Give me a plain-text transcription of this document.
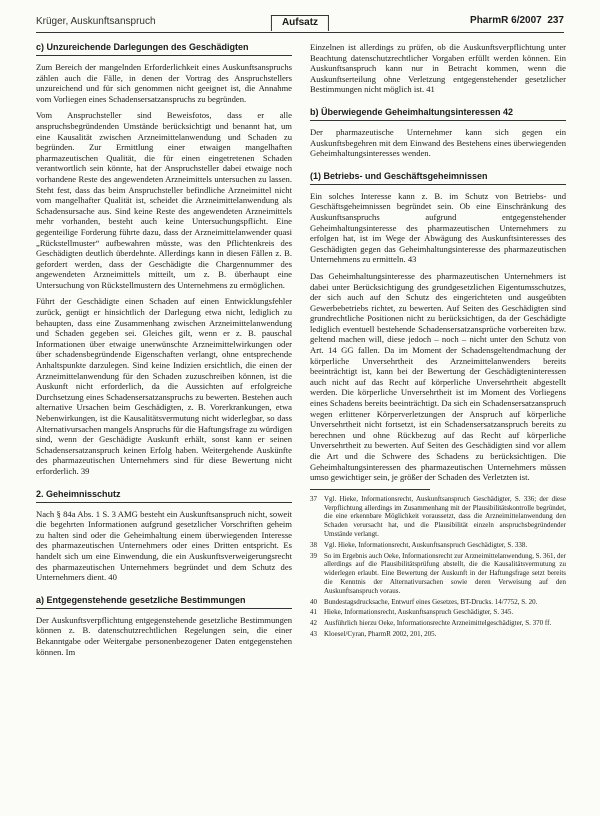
Krüger, Auskunftsanspruch	Aufsatz	PharmR 6/2007 237
c) Unzureichende Darlegungen des Geschädigten

Zum Bereich der mangelnden Erforderlichkeit eines Auskunftsanspruchs zählen auch die Fälle, in denen der Vortrag des Anspruchstellers unzureichend und für sich genommen nicht geeignet ist, die Annahme vom Vorliegen eines Schadensersatzanspruchs zu begründen.

Vom Anspruchsteller sind Beweisfotos, dass er alle anspruchsbegründenden Umstände berücksichtigt und benannt hat, um eine Kausalität zwischen Arzneimittelanwendung und Schaden zu begründen. Zur Ermittlung einer etwaigen mangelhaften pharmazeutischen Qualität, die für einen eingetretenen Schaden verantwortlich sein könnte, hat der Anspruchsteller dabei etwaige noch vorhandene Reste des angewendeten Arzneimittels untersuchen zu lassen. Steht fest, dass das beim Anspruchsteller befindliche Arzneimittel nicht vom mangelhafter Qualität ist, scheidet die Arzneimittelanwendung als Schadensursache aus. Sind keine Reste des angewendeten Arzneimittels mehr vorhanden, besteht auch keine Untersuchungspflicht. Eine gegenteilige Forderung führte dazu, dass der Arzneimittelanwender quasi „Rückstellmuster“ aufbewahren müsste, was den Pflichtenkreis des Geschädigten deutlich überdehnte. Allerdings kann in diesen Fällen z. B. gefordert werden, dass der Geschädigte die Chargennummer des angewendeten Arzneimittels mitteilt, um z. B. überhaupt eine Untersuchung von Rückstellmustern des Unternehmens zu ermöglichen.

Führt der Geschädigte einen Schaden auf einen Entwicklungsfehler zurück, genügt er hinsichtlich der Darlegung etwa nicht, lediglich zu behaupten, dass eine Zusammenhang zwischen Arzneimittelanwendung und Schaden gegeben sei. Gleiches gilt, wenn er z. B. pauschal Informationen über etwaige unerwünschte Arzneimittelwirkungen oder über schadensbegründende Eigenschaften verlangt, ohne entsprechende Anhaltspunkte darzulegen. Sind keine Indizien ersichtlich, die einen der Arzneimittelanwendung für den Schaden zuzuschreiben können, ist die Auskunft nicht erforderlich, da die Aussichten auf erfolgreiche Durchsetzung eines Schadensersatzanspruchs zu bewerten. Bestehen auch alternative Ursachen beim Geschädigten, z. B. Vorerkrankungen, etwa Nebenwirkungen, ist die Kausalitätsvermutung nicht widerlegbar, so dass Alternativursachen mangels Anspruchs für die Haftungsfrage zu würdigen sind, wenn der Geschädigte Auskunft erhält, sonst kann er seinen Schadensersatzanspruch keinen Erfolg haben. Weitergehende Auskünfte des pharmazeutischen Unternehmers sind für diese Bewertung nicht erforderlich. 39

2. Geheimnisschutz

Nach § 84a Abs. 1 S. 3 AMG besteht ein Auskunftsanspruch nicht, soweit die begehrten Informationen aufgrund gesetzlicher Vorschriften geheim zu halten sind oder die Geheimhaltung einem überwiegenden Interesse des pharmazeutischen Unternehmers oder eines Dritten entspricht. Es handelt sich um eine Einwendung, die ein Auskunftsverweigerungsrecht des pharmazeutischen Unternehmers begründet und dem Schutz des Unternehmers dient. 40

a) Entgegenstehende gesetzliche Bestimmungen

Der Auskunftsverpflichtung entgegenstehende gesetzliche Bestimmungen können z. B. datenschutzrechtlichen Regelungen sein, die einer Bekanntgabe oder Weitergabe personenbezogener Daten entgegenstehen können. Im

Einzelnen ist allerdings zu prüfen, ob die Auskunftsverpflichtung unter Beachtung datenschutzrechtlicher Vorgaben erfüllt werden können. Ein Auskunftsanspruch kann nur in Betracht kommen, wenn die Auskunftserteilung ohne Verletzung entgegenstehender gesetzlicher Bestimmungen nicht möglich ist. 41

b) Überwiegende Geheimhaltungsinteressen 42

Der pharmazeutische Unternehmer kann sich gegen ein Auskunftsbegehren mit dem Einwand des Bestehens eines überwiegenden Geheimhaltungsinteresses wenden.

(1) Betriebs- und Geschäftsgeheimnissen

Ein solches Interesse kann z. B. im Schutz von Betriebs- und Geschäftsgeheimnissen begründet sein. Ob eine Einschränkung des Auskunftsanspruchs aufgrund entgegenstehender Geheimhaltungsinteresse des pharmazeutischen Unternehmers zu erfolgen hat, ist im Wege der Abwägung des Auskunftsinteresses des Geschädigten gegen das Geheimhaltungsinteresse des pharmazeutischen Unternehmens zu ermitteln. 43

Das Geheimhaltungsinteresse des pharmazeutischen Unternehmers ist dabei unter Berücksichtigung des grundgesetzlichen Eigentumsschutzes, der sich auch auf den Schutz des eingerichteten und ausgeübten Gewerbebetriebs richtet, zu bewerten. Auf Seiten des Geschädigten sind grundrechtliche Positionen nicht zu berücksichtigen, da der Geschädigte lediglich eventuell bestehende Schadensersatzansprüche vorbereiten bzw. geltend machen will, diese jedoch – noch – nicht unter den Schutz von Art. 14 GG fallen. Da im Moment der Schadensgeltendmachung der körperliche Unversehrtheit des Arzneimittelanwenders bereits beeinträchtigt ist, kann bei der Bewertung der Geschädigteninteressen auch nicht auf das Recht auf körperliche Unversehrtheit abgestellt werden. Die körperliche Unversehrtheit ist im Moment des Vorliegens eines Schadens bereits beeinträchtigt. Da sich ein Schadensersatzanspruch wegen erlittener Körperverletzungen der Anspruch auf körperliche Unversehrtheit nicht fortsetzt, ist ein Schadensersatzanspruch bereits zu berechnen und ohne Rückbezug auf das Recht auf körperliche Unversehrtheit zu bewerten. Auf Seiten des Geschädigten sind vor allem die Art und die Schwere des Schadens zu berücksichtigen. Die Geheimhaltungsinteressen des pharmazeutischen Unternehmers müssen umso gewichtiger sein, je größer der Schaden des Verletzten ist.

37	Vgl. Hieke, Informationsrecht, Auskunftsanspruch Geschädigter, S. 336; der diese Verpflichtung allerdings im Zusammenhang mit der Plausibilitätskontrolle begründet, die eine erkennbare Möglichkeit voraussetzt, dass die Arzneimittelanwendung den Schaden verursacht hat, und die Plausibilität einzeln anspruchsbegründender Umstände verlangt.
38	Vgl. Hieke, Informationsrecht, Auskunftsanspruch Geschädigter, S. 338.
39	So im Ergebnis auch Oeke, Informationsrecht zur Arzneimittelanwendung, S. 361, der allerdings auf die Plausibilitätsprüfung abstellt, die die Kausalitätsvermutung zu widerlegen erlaubt. Eine Bewertung der Auskunft in der Haftungsfrage setzt bereits die Kenntnis der Alternativursachen sowie deren Verweisung auf den Auskunftsanspruch voraus.
40	Bundestagsdrucksache, Entwurf eines Gesetzes, BT-Drucks. 14/7752, S. 20.
41	Hieke, Informationsrecht, Auskunftsanspruch Geschädigter, S. 345.
42	Ausführlich hierzu Oeke, Informationsrechte Arzneimittelgeschädigter, S. 370 ff.
43	Kloesel/Cyran, PharmR 2002, 201, 205.
